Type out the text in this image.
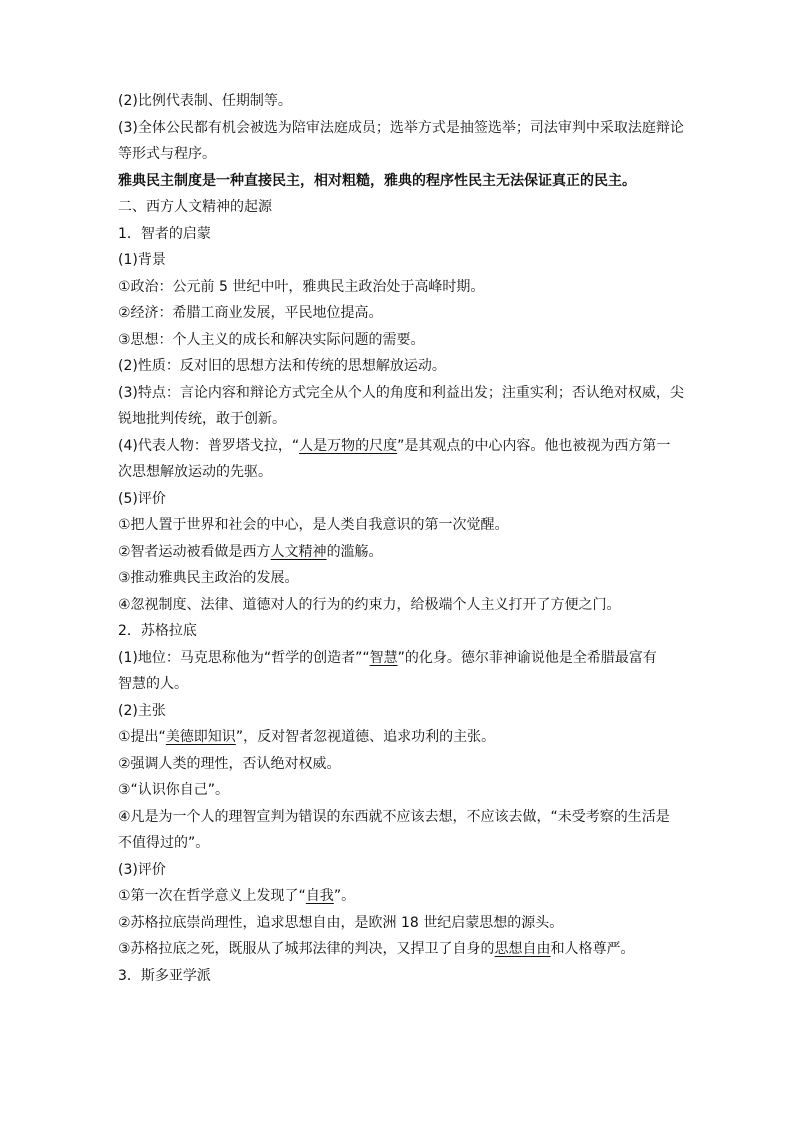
(2)比例代表制、任期制等。
(3)全体公民都有机会被选为陪审法庭成员；选举方式是抽签选举；司法审判中采取法庭辩论
等形式与程序。
雅典民主制度是一种直接民主，相对粗糙，雅典的程序性民主无法保证真正的民主。
二、西方人文精神的起源
1．智者的启蒙
(1)背景
①政治：公元前 5 世纪中叶，雅典民主政治处于高峰时期。
②经济：希腊工商业发展，平民地位提高。
③思想：个人主义的成长和解决实际问题的需要。
(2)性质：反对旧的思想方法和传统的思想解放运动。
(3)特点：言论内容和辩论方式完全从个人的角度和利益出发；注重实利；否认绝对权威，尖
锐地批判传统，敢于创新。
(4)代表人物：普罗塔戈拉，“人是万物的尺度”是其观点的中心内容。他也被视为西方第一
次思想解放运动的先驱。
(5)评价
①把人置于世界和社会的中心，是人类自我意识的第一次觉醒。
②智者运动被看做是西方人文精神的滥觞。
③推动雅典民主政治的发展。
④忽视制度、法律、道德对人的行为的约束力，给极端个人主义打开了方便之门。
2．苏格拉底
(1)地位：马克思称他为“哲学的创造者”“智慧”的化身。德尔菲神谕说他是全希腊最富有
智慧的人。
(2)主张
①提出“美德即知识”，反对智者忽视道德、追求功利的主张。
②强调人类的理性，否认绝对权威。
③“认识你自己”。
④凡是为一个人的理智宣判为错误的东西就不应该去想，不应该去做，“未受考察的生活是
不值得过的”。
(3)评价
①第一次在哲学意义上发现了“自我”。
②苏格拉底崇尚理性，追求思想自由，是欧洲 18 世纪启蒙思想的源头。
③苏格拉底之死，既服从了城邦法律的判决，又捍卫了自身的思想自由和人格尊严。
3．斯多亚学派
